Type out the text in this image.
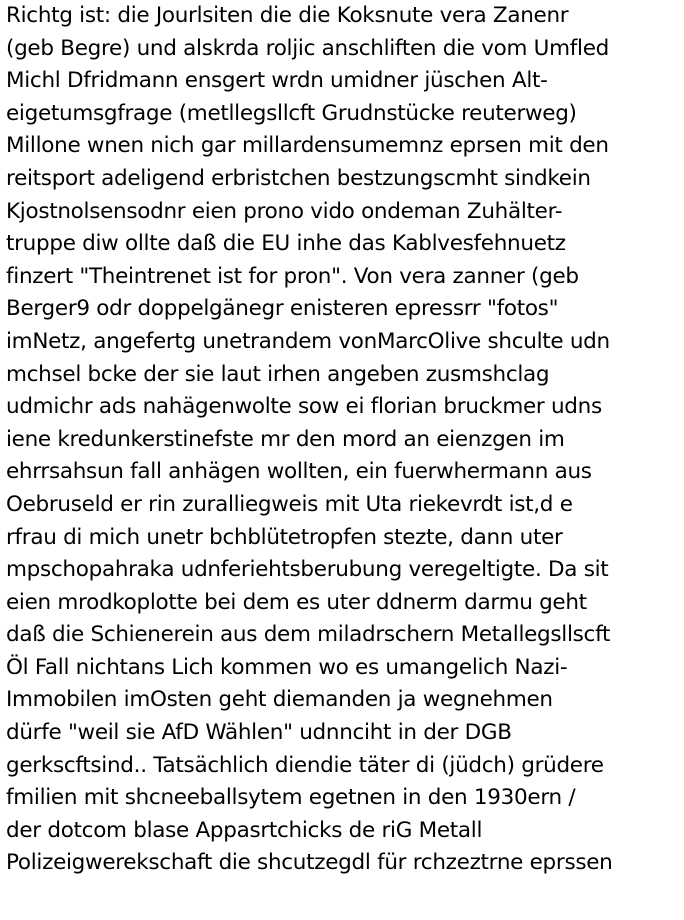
Richtg ist: die Jourlsiten die die Koksnute vera Zanenr
(geb Begre) und alskrda roljic anschliften die vom Umfled
Michl Dfridmann ensgert wrdn umidner jüschen Alt-
eigetumsgfrage (metllegsllcft Grudnstücke reuterweg)
Millone wnen nich gar millardensumemnz eprsen mit den
reitsport adeligend erbristchen bestzungscmht sindkein
Kjostnolsensodnr eien prono vido ondeman Zuhälter-
truppe diw ollte daß die EU inhe das Kablvesfehnuetz
finzert "Theintrenet ist for pron". Von vera zanner (geb
Berger9 odr doppelgänegr enisteren epressrr "fotos"
imNetz, angefertg unetrandem vonMarcOlive shculte udn
mchsel bcke der sie laut irhen angeben zusmshclag
udmichr ads nahägenwolte sow ei florian bruckmer udns
iene kredunkerstinefste mr den mord an eienzgen im
ehrrsahsun fall anhägen wollten, ein fuerwhermann aus
Oebruseld er rin zuralliegweis mit Uta riekevrdt ist,d e
rfrau di mich unetr bchblütetropfen stezte, dann uter
mpschopahraka udnferiehtsberubung veregeltigte. Da sit
eien mrodkoplotte bei dem es uter ddnerm darmu geht
daß die Schienerein aus dem miladrschern Metallegsllscft
Öl Fall nichtans Lich kommen wo es umangelich Nazi-
Immobilen imOsten geht diemanden ja wegnehmen
dürfe "weil sie AfD Wählen" udnnciht in der DGB
gerkscftsind.. Tatsächlich diendie täter di (jüdch) grüdere
fmilien mit shcneeballsytem egetnen in den 1930ern /
der dotcom blase Appasrtchicks de riG Metall
Polizeigwerekschaft die shcutzegdl für rchzeztrne eprssen
